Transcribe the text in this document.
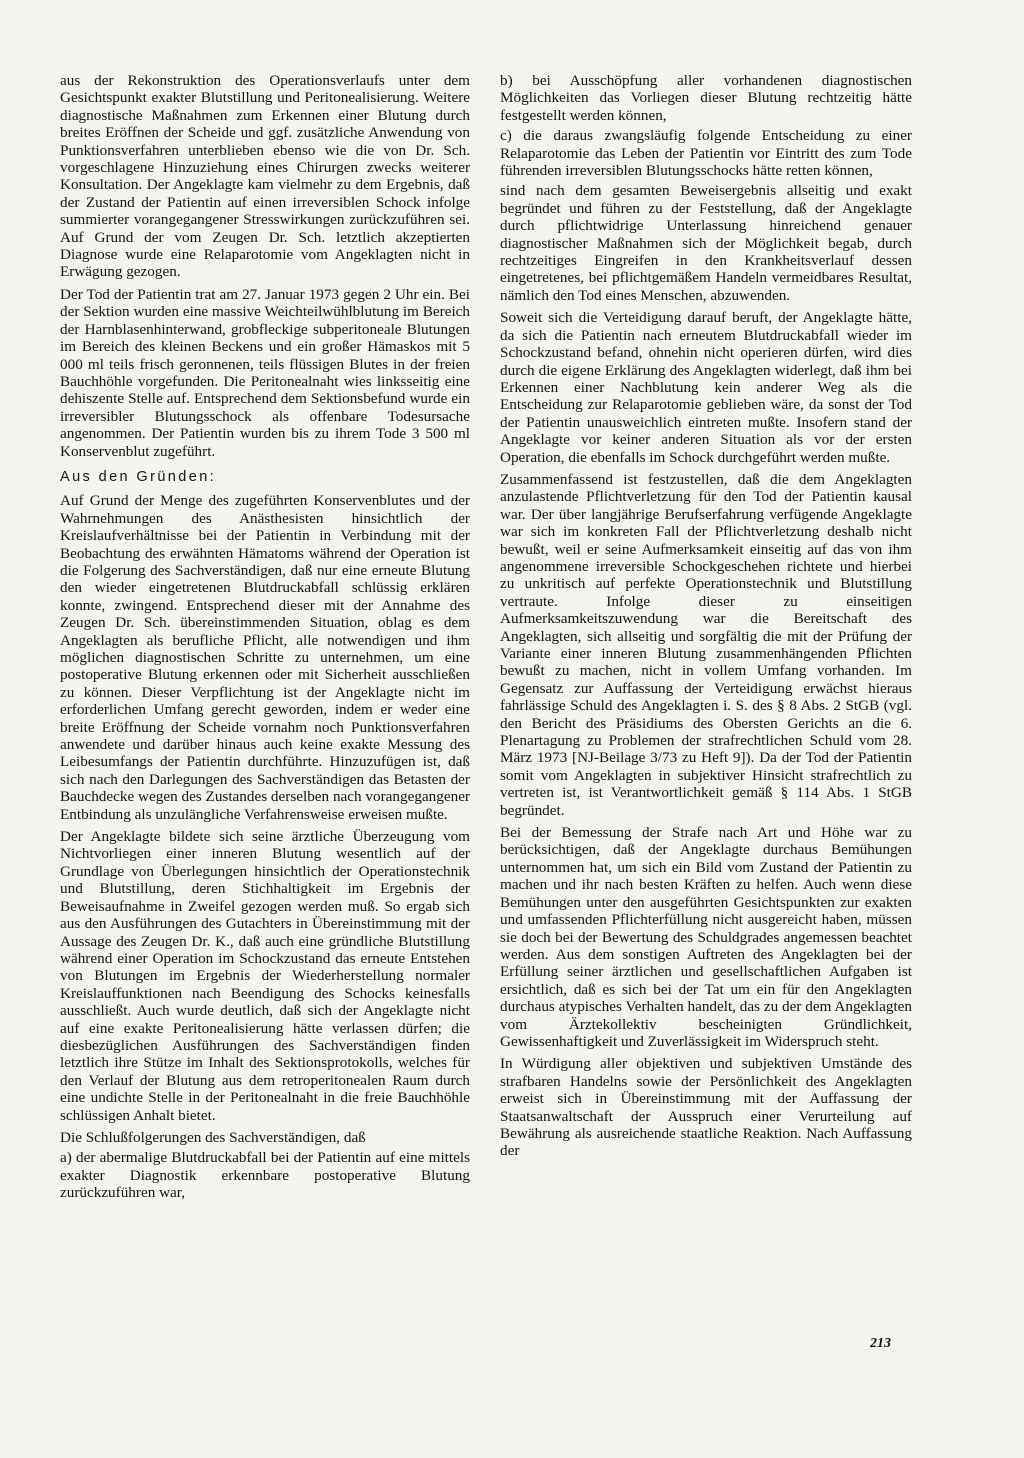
aus der Rekonstruktion des Operationsverlaufs unter dem Gesichtspunkt exakter Blutstillung und Peritonealisierung. Weitere diagnostische Maßnahmen zum Erkennen einer Blutung durch breites Eröffnen der Scheide und ggf. zusätzliche Anwendung von Punktionsverfahren unterblieben ebenso wie die von Dr. Sch. vorgeschlagene Hinzuziehung eines Chirurgen zwecks weiterer Konsultation. Der Angeklagte kam vielmehr zu dem Ergebnis, daß der Zustand der Patientin auf einen irreversiblen Schock infolge summierter vorangegangener Stresswirkungen zurückzuführen sei. Auf Grund der vom Zeugen Dr. Sch. letztlich akzeptierten Diagnose wurde eine Relaparotomie vom Angeklagten nicht in Erwägung gezogen.

Der Tod der Patientin trat am 27. Januar 1973 gegen 2 Uhr ein. Bei der Sektion wurden eine massive Weichteilwühlblutung im Bereich der Harnblasenhinterwand, grobfleckige subperitoneale Blutungen im Bereich des kleinen Beckens und ein großer Hämaskos mit 5 000 ml teils frisch geronnenen, teils flüssigen Blutes in der freien Bauchhöhle vorgefunden. Die Peritonealnaht wies linksseitig eine dehiszente Stelle auf. Entsprechend dem Sektionsbefund wurde ein irreversibler Blutungsschock als offenbare Todesursache angenommen. Der Patientin wurden bis zu ihrem Tode 3 500 ml Konservenblut zugeführt.

Aus den Gründen:

Auf Grund der Menge des zugeführten Konservenblutes und der Wahrnehmungen des Anästhesisten hinsichtlich der Kreislaufverhältnisse bei der Patientin in Verbindung mit der Beobachtung des erwähnten Hämatoms während der Operation ist die Folgerung des Sachverständigen, daß nur eine erneute Blutung den wieder eingetretenen Blutdruckabfall schlüssig erklären konnte, zwingend. Entsprechend dieser mit der Annahme des Zeugen Dr. Sch. übereinstimmenden Situation, oblag es dem Angeklagten als berufliche Pflicht, alle notwendigen und ihm möglichen diagnostischen Schritte zu unternehmen, um eine postoperative Blutung erkennen oder mit Sicherheit ausschließen zu können. Dieser Verpflichtung ist der Angeklagte nicht im erforderlichen Umfang gerecht geworden, indem er weder eine breite Eröffnung der Scheide vornahm noch Punktionsverfahren anwendete und darüber hinaus auch keine exakte Messung des Leibesumfangs der Patientin durchführte. Hinzuzufügen ist, daß sich nach den Darlegungen des Sachverständigen das Betasten der Bauchdecke wegen des Zustandes derselben nach vorangegangener Entbindung als unzulängliche Verfahrensweise erweisen mußte.

Der Angeklagte bildete sich seine ärztliche Überzeugung vom Nichtvorliegen einer inneren Blutung wesentlich auf der Grundlage von Überlegungen hinsichtlich der Operationstechnik und Blutstillung, deren Stichhaltigkeit im Ergebnis der Beweisaufnahme in Zweifel gezogen werden muß. So ergab sich aus den Ausführungen des Gutachters in Übereinstimmung mit der Aussage des Zeugen Dr. K., daß auch eine gründliche Blutstillung während einer Operation im Schockzustand das erneute Entstehen von Blutungen im Ergebnis der Wiederherstellung normaler Kreislauffunktionen nach Beendigung des Schocks keinesfalls ausschließt. Auch wurde deutlich, daß sich der Angeklagte nicht auf eine exakte Peritonealisierung hätte verlassen dürfen; die diesbezüglichen Ausführungen des Sachverständigen finden letztlich ihre Stütze im Inhalt des Sektionsprotokolls, welches für den Verlauf der Blutung aus dem retroperitonealen Raum durch eine undichte Stelle in der Peritonealnaht in die freie Bauchhöhle schlüssigen Anhalt bietet.

Die Schlußfolgerungen des Sachverständigen, daß

a) der abermalige Blutdruckabfall bei der Patientin auf eine mittels exakter Diagnostik erkennbare postoperative Blutung zurückzuführen war,

b) bei Ausschöpfung aller vorhandenen diagnostischen Möglichkeiten das Vorliegen dieser Blutung rechtzeitig hätte festgestellt werden können,

c) die daraus zwangsläufig folgende Entscheidung zu einer Relaparotomie das Leben der Patientin vor Eintritt des zum Tode führenden irreversiblen Blutungsschocks hätte retten können,

sind nach dem gesamten Beweisergebnis allseitig und exakt begründet und führen zu der Feststellung, daß der Angeklagte durch pflichtwidrige Unterlassung hinreichend genauer diagnostischer Maßnahmen sich der Möglichkeit begab, durch rechtzeitiges Eingreifen in den Krankheitsverlauf dessen eingetretenes, bei pflichtgemäßem Handeln vermeidbares Resultat, nämlich den Tod eines Menschen, abzuwenden.

Soweit sich die Verteidigung darauf beruft, der Angeklagte hätte, da sich die Patientin nach erneutem Blutdruckabfall wieder im Schockzustand befand, ohnehin nicht operieren dürfen, wird dies durch die eigene Erklärung des Angeklagten widerlegt, daß ihm bei Erkennen einer Nachblutung kein anderer Weg als die Entscheidung zur Relaparotomie geblieben wäre, da sonst der Tod der Patientin unausweichlich eintreten mußte. Insofern stand der Angeklagte vor keiner anderen Situation als vor der ersten Operation, die ebenfalls im Schock durchgeführt werden mußte.

Zusammenfassend ist festzustellen, daß die dem Angeklagten anzulastende Pflichtverletzung für den Tod der Patientin kausal war. Der über langjährige Berufserfahrung verfügende Angeklagte war sich im konkreten Fall der Pflichtverletzung deshalb nicht bewußt, weil er seine Aufmerksamkeit einseitig auf das von ihm angenommene irreversible Schockgeschehen richtete und hierbei zu unkritisch auf perfekte Operationstechnik und Blutstillung vertraute. Infolge dieser zu einseitigen Aufmerksamkeitszuwendung war die Bereitschaft des Angeklagten, sich allseitig und sorgfältig die mit der Prüfung der Variante einer inneren Blutung zusammenhängenden Pflichten bewußt zu machen, nicht in vollem Umfang vorhanden. Im Gegensatz zur Auffassung der Verteidigung erwächst hieraus fahrlässige Schuld des Angeklagten i. S. des § 8 Abs. 2 StGB (vgl. den Bericht des Präsidiums des Obersten Gerichts an die 6. Plenartagung zu Problemen der strafrechtlichen Schuld vom 28. März 1973 [NJ-Beilage 3/73 zu Heft 9]). Da der Tod der Patientin somit vom Angeklagten in subjektiver Hinsicht strafrechtlich zu vertreten ist, ist Verantwortlichkeit gemäß § 114 Abs. 1 StGB begründet.

Bei der Bemessung der Strafe nach Art und Höhe war zu berücksichtigen, daß der Angeklagte durchaus Bemühungen unternommen hat, um sich ein Bild vom Zustand der Patientin zu machen und ihr nach besten Kräften zu helfen. Auch wenn diese Bemühungen unter den ausgeführten Gesichtspunkten zur exakten und umfassenden Pflichterfüllung nicht ausgereicht haben, müssen sie doch bei der Bewertung des Schuldgrades angemessen beachtet werden. Aus dem sonstigen Auftreten des Angeklagten bei der Erfüllung seiner ärztlichen und gesellschaftlichen Aufgaben ist ersichtlich, daß es sich bei der Tat um ein für den Angeklagten durchaus atypisches Verhalten handelt, das zu der dem Angeklagten vom Ärztekollektiv bescheinigten Gründlichkeit, Gewissenhaftigkeit und Zuverlässigkeit im Widerspruch steht.

In Würdigung aller objektiven und subjektiven Umstände des strafbaren Handelns sowie der Persönlichkeit des Angeklagten erweist sich in Übereinstimmung mit der Auffassung der Staatsanwaltschaft der Ausspruch einer Verurteilung auf Bewährung als ausreichende staatliche Reaktion. Nach Auffassung der

213
